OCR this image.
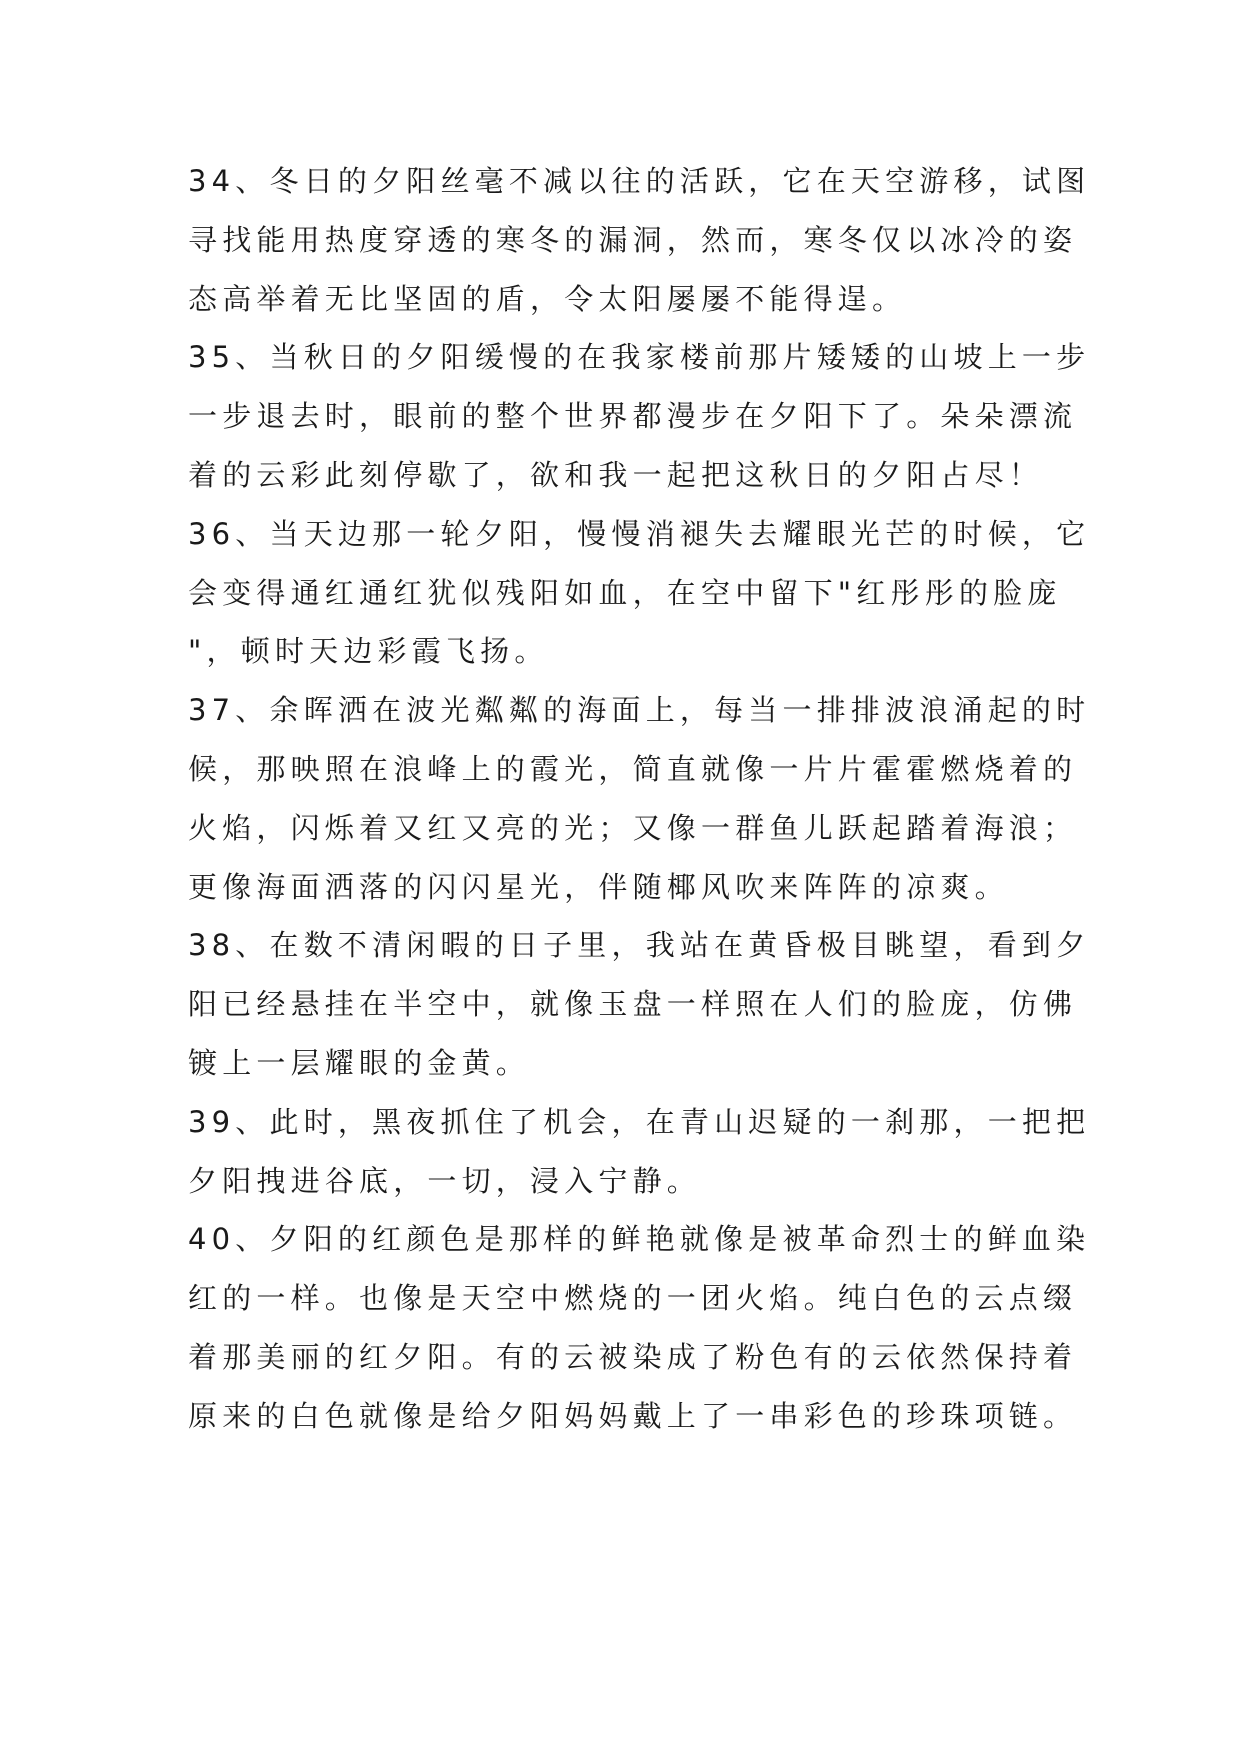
34、冬日的夕阳丝毫不减以往的活跃，它在天空游移，试图
寻找能用热度穿透的寒冬的漏洞，然而，寒冬仅以冰冷的姿
态高举着无比坚固的盾，令太阳屡屡不能得逞。
35、当秋日的夕阳缓慢的在我家楼前那片矮矮的山坡上一步
一步退去时，眼前的整个世界都漫步在夕阳下了。朵朵漂流
着的云彩此刻停歇了，欲和我一起把这秋日的夕阳占尽！
36、当天边那一轮夕阳，慢慢消褪失去耀眼光芒的时候，它
会变得通红通红犹似残阳如血，在空中留下"红彤彤的脸庞
"，顿时天边彩霞飞扬。
37、余晖洒在波光粼粼的海面上，每当一排排波浪涌起的时
候，那映照在浪峰上的霞光，简直就像一片片霍霍燃烧着的
火焰，闪烁着又红又亮的光；又像一群鱼儿跃起踏着海浪；
更像海面洒落的闪闪星光，伴随椰风吹来阵阵的凉爽。
38、在数不清闲暇的日子里，我站在黄昏极目眺望，看到夕
阳已经悬挂在半空中，就像玉盘一样照在人们的脸庞，仿佛
镀上一层耀眼的金黄。
39、此时，黑夜抓住了机会，在青山迟疑的一刹那，一把把
夕阳拽进谷底，一切，浸入宁静。
40、夕阳的红颜色是那样的鲜艳就像是被革命烈士的鲜血染
红的一样。也像是天空中燃烧的一团火焰。纯白色的云点缀
着那美丽的红夕阳。有的云被染成了粉色有的云依然保持着
原来的白色就像是给夕阳妈妈戴上了一串彩色的珍珠项链。
